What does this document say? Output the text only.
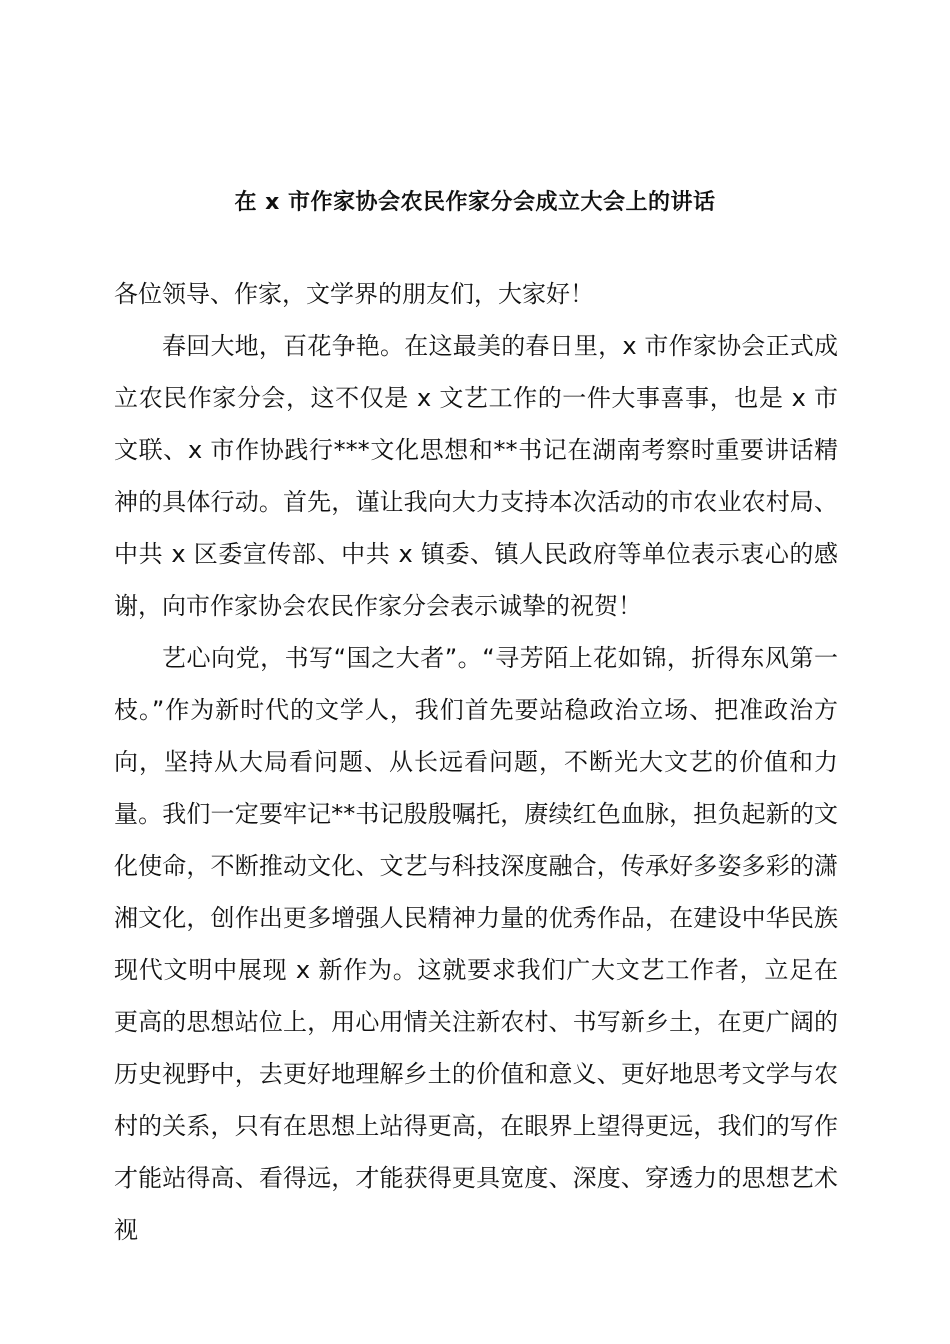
在 x 市作家协会农民作家分会成立大会上的讲话

各位领导、作家，文学界的朋友们，大家好！

春回大地，百花争艳。在这最美的春日里，x 市作家协会正式成立农民作家分会，这不仅是 x 文艺工作的一件大事喜事，也是 x 市文联、x 市作协践行***文化思想和**书记在湖南考察时重要讲话精神的具体行动。首先，谨让我向大力支持本次活动的市农业农村局、中共 x 区委宣传部、中共 x 镇委、镇人民政府等单位表示衷心的感谢，向市作家协会农民作家分会表示诚挚的祝贺！

艺心向党，书写“国之大者”。“寻芳陌上花如锦，折得东风第一枝。”作为新时代的文学人，我们首先要站稳政治立场、把准政治方向，坚持从大局看问题、从长远看问题，不断光大文艺的价值和力量。我们一定要牢记**书记殷殷嘱托，赓续红色血脉，担负起新的文化使命，不断推动文化、文艺与科技深度融合，传承好多姿多彩的潇湘文化，创作出更多增强人民精神力量的优秀作品，在建设中华民族现代文明中展现 x 新作为。这就要求我们广大文艺工作者，立足在更高的思想站位上，用心用情关注新农村、书写新乡土，在更广阔的历史视野中，去更好地理解乡土的价值和意义、更好地思考文学与农村的关系，只有在思想上站得更高，在眼界上望得更远，我们的写作才能站得高、看得远，才能获得更具宽度、深度、穿透力的思想艺术视
